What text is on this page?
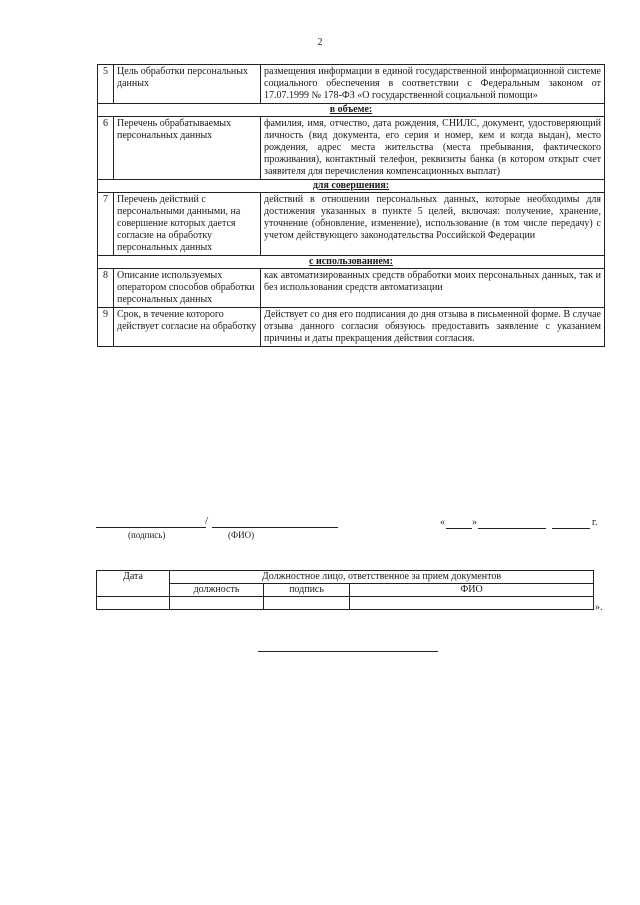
2
5	Цель обработки персональных данных	размещения информации в единой государственной информационной системе социального обеспечения в соответствии с Федеральным законом от 17.07.1999 № 178-ФЗ «О государственной социальной помощи»
в объеме:		
6	Перечень обрабатываемых персональных данных	фамилия, имя, отчество, дата рождения, СНИЛС, документ, удостоверяющий личность (вид документа, его серия и номер, кем и когда выдан), место рождения, адрес места жительства (места пребывания, фактического проживания), контактный телефон, реквизиты банка (в котором открыт счет заявителя для перечисления компенсационных выплат)
для совершения:		
7	Перечень действий с персональными данными, на совершение которых дается согласие на обработку персональных данных	действий в отношении персональных данных, которые необходимы для достижения указанных в пункте 5 целей, включая: получение, хранение, уточнение (обновление, изменение), использование (в том числе передачу) с учетом действующего законодательства Российской Федерации
с использованием:		
8	Описание используемых оператором способов обработки персональных данных	как автоматизированных средств обработки моих персональных данных, так и без использования средств автоматизации
9	Срок, в течение которого действует согласие на обработку	Действует со дня его подписания до дня отзыва в письменной форме. В случае отзыва данного согласия обязуюсь предоставить заявление с указанием причины и даты прекращения действия согласия.
/
(подпись)	(ФИО)
«	»	г.
Дата	Должностное лицо, ответственное за прием документов		
	должность	подпись	ФИО

».
